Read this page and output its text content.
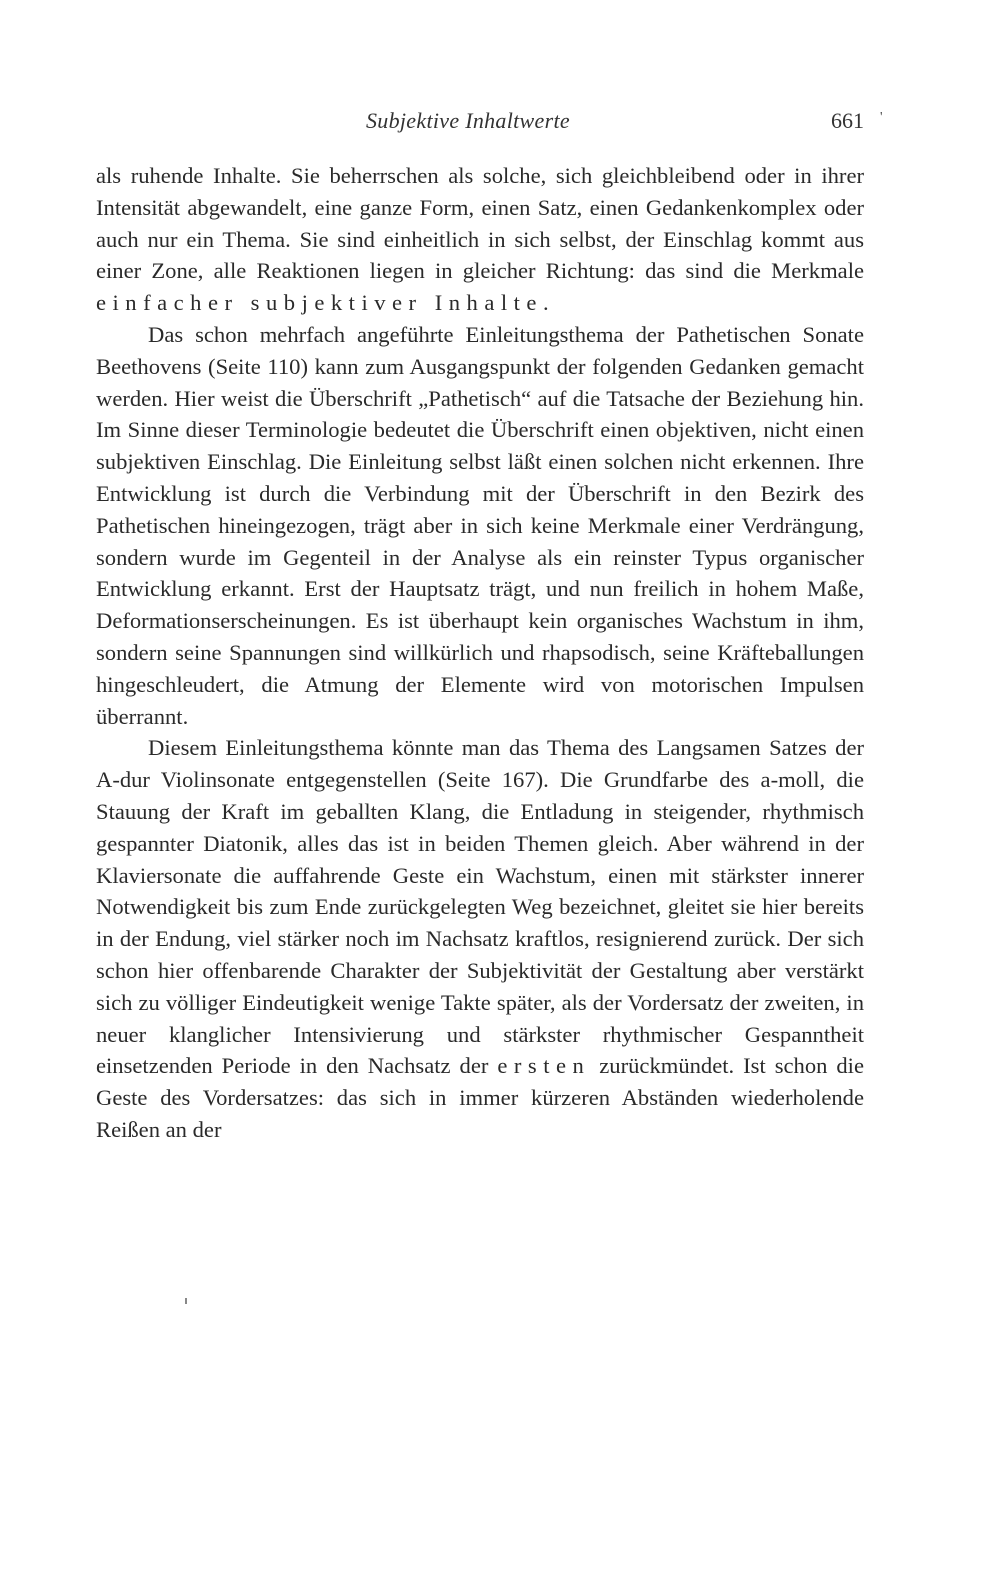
Subjektive Inhaltwerte	661 '

als ruhende Inhalte. Sie beherrschen als solche, sich gleichbleibend oder in ihrer Intensität abgewandelt, eine ganze Form, einen Satz, einen Gedankenkomplex oder auch nur ein Thema. Sie sind einheitlich in sich selbst, der Einschlag kommt aus einer Zone, alle Reaktionen liegen in gleicher Richtung: das sind die Merkmale einfacher subjektiver Inhalte.

Das schon mehrfach angeführte Einleitungsthema der Pathetischen Sonate Beethovens (Seite 110) kann zum Ausgangspunkt der folgenden Gedanken gemacht werden. Hier weist die Überschrift „Pathetisch“ auf die Tatsache der Beziehung hin. Im Sinne dieser Terminologie bedeutet die Überschrift einen objektiven, nicht einen subjektiven Einschlag. Die Einleitung selbst läßt einen solchen nicht erkennen. Ihre Entwicklung ist durch die Verbindung mit der Überschrift in den Bezirk des Pathetischen hineingezogen, trägt aber in sich keine Merkmale einer Verdrängung, sondern wurde im Gegenteil in der Analyse als ein reinster Typus organischer Entwicklung erkannt. Erst der Hauptsatz trägt, und nun freilich in hohem Maße, Deformationserscheinungen. Es ist überhaupt kein organisches Wachstum in ihm, sondern seine Spannungen sind willkürlich und rhapsodisch, seine Kräfteballungen hingeschleudert, die Atmung der Elemente wird von motorischen Impulsen überrannt.

Diesem Einleitungsthema könnte man das Thema des Langsamen Satzes der A-dur Violinsonate entgegenstellen (Seite 167). Die Grundfarbe des a-moll, die Stauung der Kraft im geballten Klang, die Entladung in steigender, rhythmisch gespannter Diatonik, alles das ist in beiden Themen gleich. Aber während in der Klaviersonate die auffahrende Geste ein Wachstum, einen mit stärkster innerer Notwendigkeit bis zum Ende zurückgelegten Weg bezeichnet, gleitet sie hier bereits in der Endung, viel stärker noch im Nachsatz kraftlos, resignierend zurück. Der sich schon hier offenbarende Charakter der Subjektivität der Gestaltung aber verstärkt sich zu völliger Eindeutigkeit wenige Takte später, als der Vordersatz der zweiten, in neuer klanglicher Intensivierung und stärkster rhythmischer Gespanntheit einsetzenden Periode in den Nachsatz der ersten zurückmündet. Ist schon die Geste des Vordersatzes: das sich in immer kürzeren Abständen wiederholende Reißen an der
